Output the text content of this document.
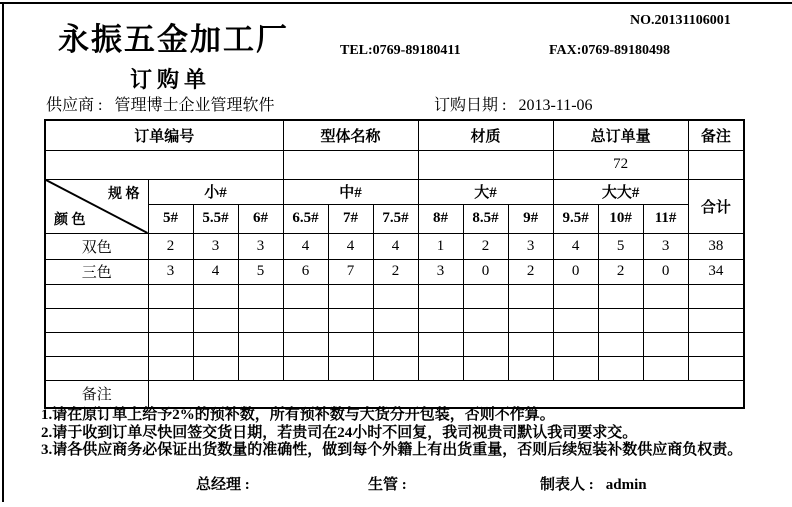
永振五金加工厂
NO.20131106001
TEL:0769-89180411	FAX:0769-89180498
订购单
供应商 : 管理博士企业管理软件	订购日期 : 2013-11-06
订单编号				型体名称			材质			总订单量			备注
										72			

规 格
颜 色	小#			中#			大#			大大#			合计
	5#	5.5#	6#	6.5#	7#	7.5#	8#	8.5#	9#	9.5#	10#	11#	
双色	2	3	3	4	4	4	1	2	3	4	5	3	38
三色	3	4	5	6	7	2	3	0	2	0	2	0	34

备注													
1.请在原订单上给予2%的预补数，所有预补数与大货分开包装，否则不作算。
2.请于收到订单尽快回签交货日期，若贵司在24小时不回复，我司视贵司默认我司要求交。
3.请各供应商务必保证出货数量的准确性，做到每个外籍上有出货重量，否则后续短装补数供应商负权责。
总经理 :	生管 :	制表人 : admin
